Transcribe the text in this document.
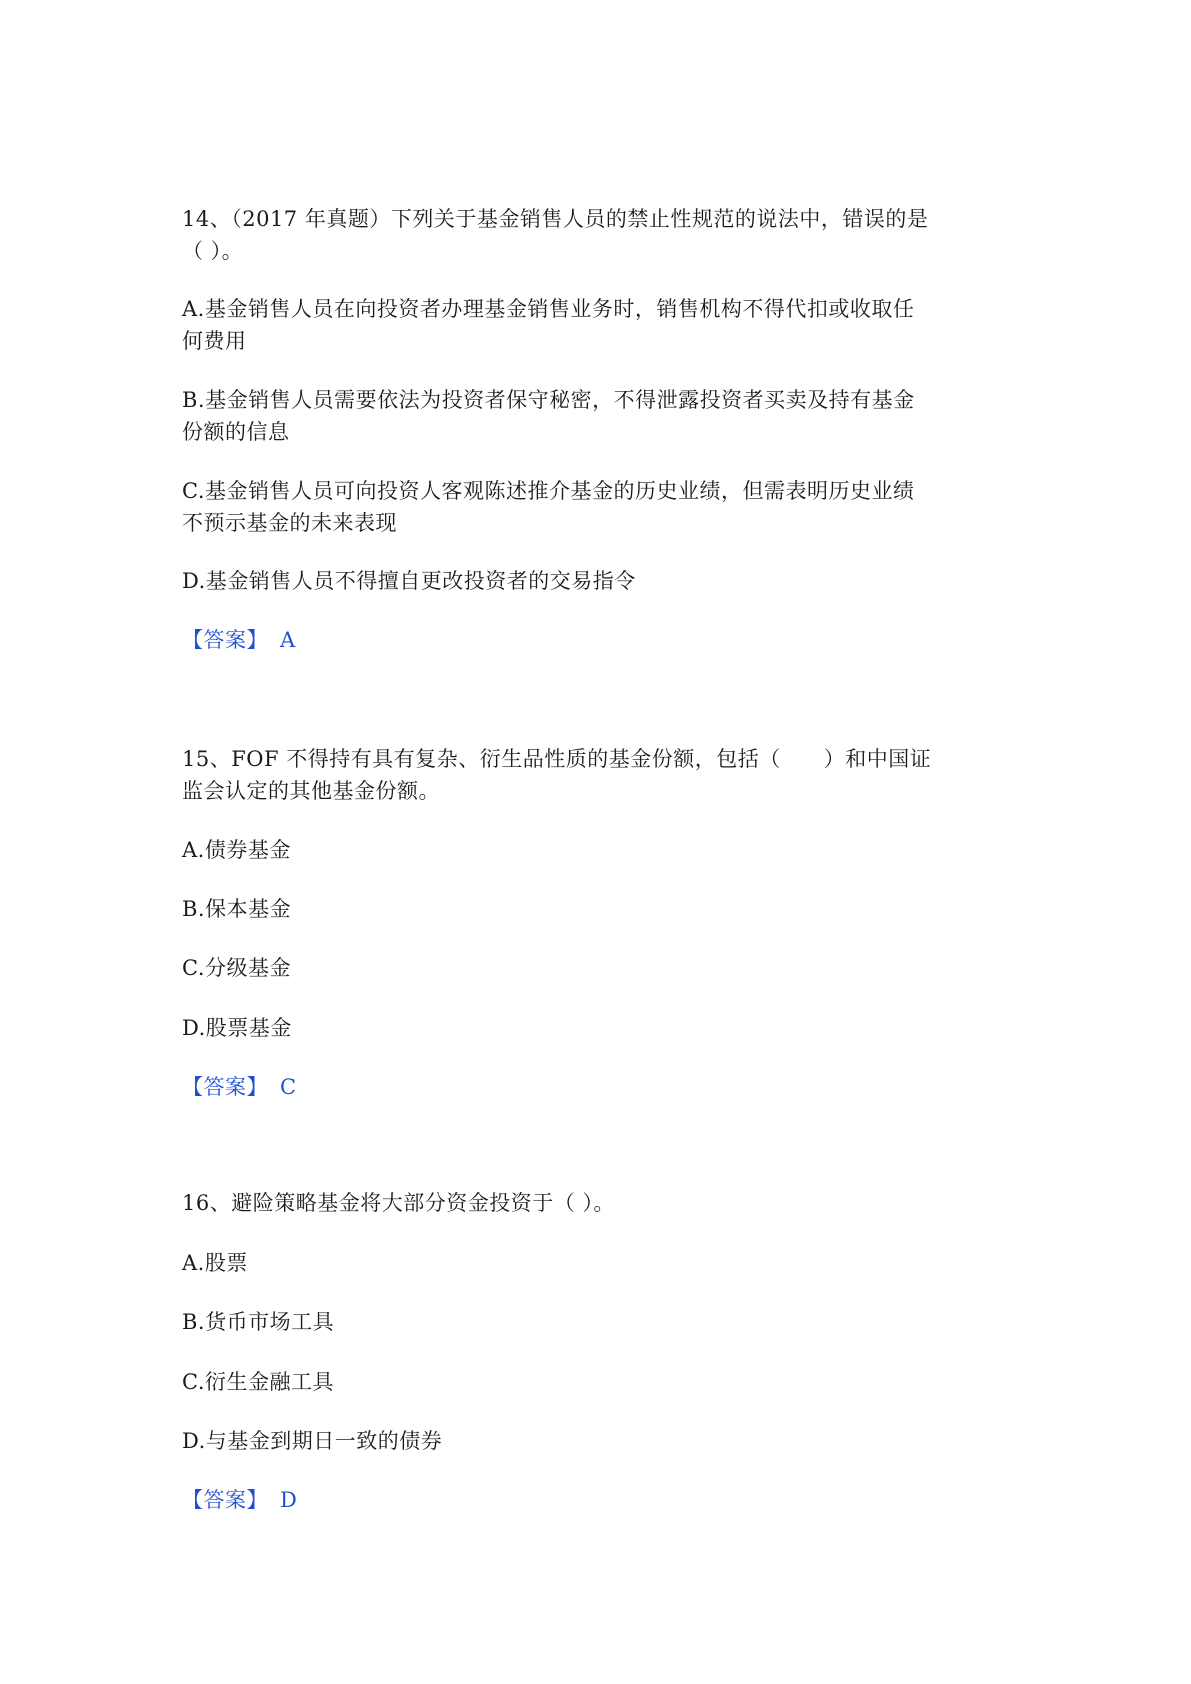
14、（2017 年真题）下列关于基金销售人员的禁止性规范的说法中，错误的是

（ ）。

A.基金销售人员在向投资者办理基金销售业务时，销售机构不得代扣或收取任

何费用

B.基金销售人员需要依法为投资者保守秘密，不得泄露投资者买卖及持有基金

份额的信息

C.基金销售人员可向投资人客观陈述推介基金的历史业绩，但需表明历史业绩

不预示基金的未来表现

D.基金销售人员不得擅自更改投资者的交易指令

【答案】 A

15、FOF 不得持有具有复杂、衍生品性质的基金份额，包括（　　）和中国证

监会认定的其他基金份额。

A.债券基金

B.保本基金

C.分级基金

D.股票基金

【答案】 C

16、避险策略基金将大部分资金投资于（ ）。

A.股票

B.货币市场工具

C.衍生金融工具

D.与基金到期日一致的债券

【答案】 D
